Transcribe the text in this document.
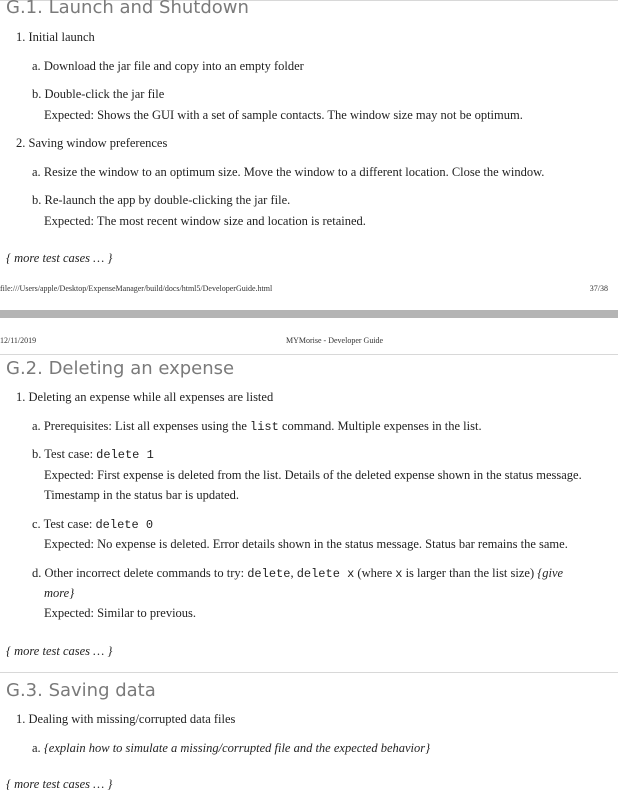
G.1. Launch and Shutdown
1. Initial launch
a. Download the jar file and copy into an empty folder
b. Double-click the jar file
Expected: Shows the GUI with a set of sample contacts. The window size may not be optimum.
2. Saving window preferences
a. Resize the window to an optimum size. Move the window to a different location. Close the window.
b. Re-launch the app by double-clicking the jar file.
Expected: The most recent window size and location is retained.
{ more test cases …​ }
file:///Users/apple/Desktop/ExpenseManager/build/docs/html5/DeveloperGuide.html	37/38
12/11/2019	MYMorise - Developer Guide
G.2. Deleting an expense
1. Deleting an expense while all expenses are listed
a. Prerequisites: List all expenses using the list command. Multiple expenses in the list.
b. Test case: delete 1
Expected: First expense is deleted from the list. Details of the deleted expense shown in the status message.
Timestamp in the status bar is updated.
c. Test case: delete 0
Expected: No expense is deleted. Error details shown in the status message. Status bar remains the same.
d. Other incorrect delete commands to try: delete, delete x (where x is larger than the list size) {give
more}
Expected: Similar to previous.
{ more test cases …​ }
G.3. Saving data
1. Dealing with missing/corrupted data files
a. {explain how to simulate a missing/corrupted file and the expected behavior}
{ more test cases …​ }
